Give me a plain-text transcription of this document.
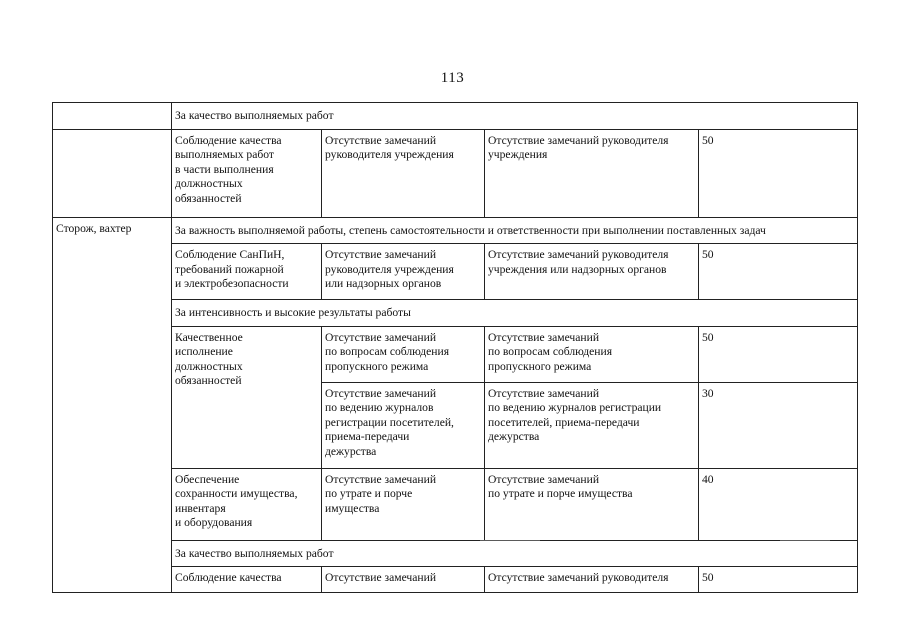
113
	За качество выполняемых работ			
	Соблюдение качества
выполняемых работ
в части выполнения
должностных
обязанностей	Отсутствие замечаний
руководителя учреждения	Отсутствие замечаний руководителя
учреждения	50
Сторож, вахтер	За важность выполняемой работы, степень самостоятельности и ответственности при выполнении поставленных задач			
	Соблюдение СанПиН,
требований пожарной
и электробезопасности	Отсутствие замечаний
руководителя учреждения
или надзорных органов	Отсутствие замечаний руководителя
учреждения или надзорных органов	50
	За интенсивность и высокие результаты работы			
	Качественное
исполнение
должностных
обязанностей	Отсутствие замечаний
по вопросам соблюдения
пропускного режима	Отсутствие замечаний
по вопросам соблюдения
пропускного режима	50
		Отсутствие замечаний
по ведению журналов
регистрации посетителей,
приема-передачи
дежурства	Отсутствие замечаний
по ведению журналов регистрации
посетителей, приема-передачи
дежурства	30
	Обеспечение
сохранности имущества,
инвентаря
и оборудования	Отсутствие замечаний
по утрате и порче
имущества	Отсутствие замечаний
по утрате и порче имущества	40
	За качество выполняемых работ			
	Соблюдение качества	Отсутствие замечаний	Отсутствие замечаний руководителя	50
